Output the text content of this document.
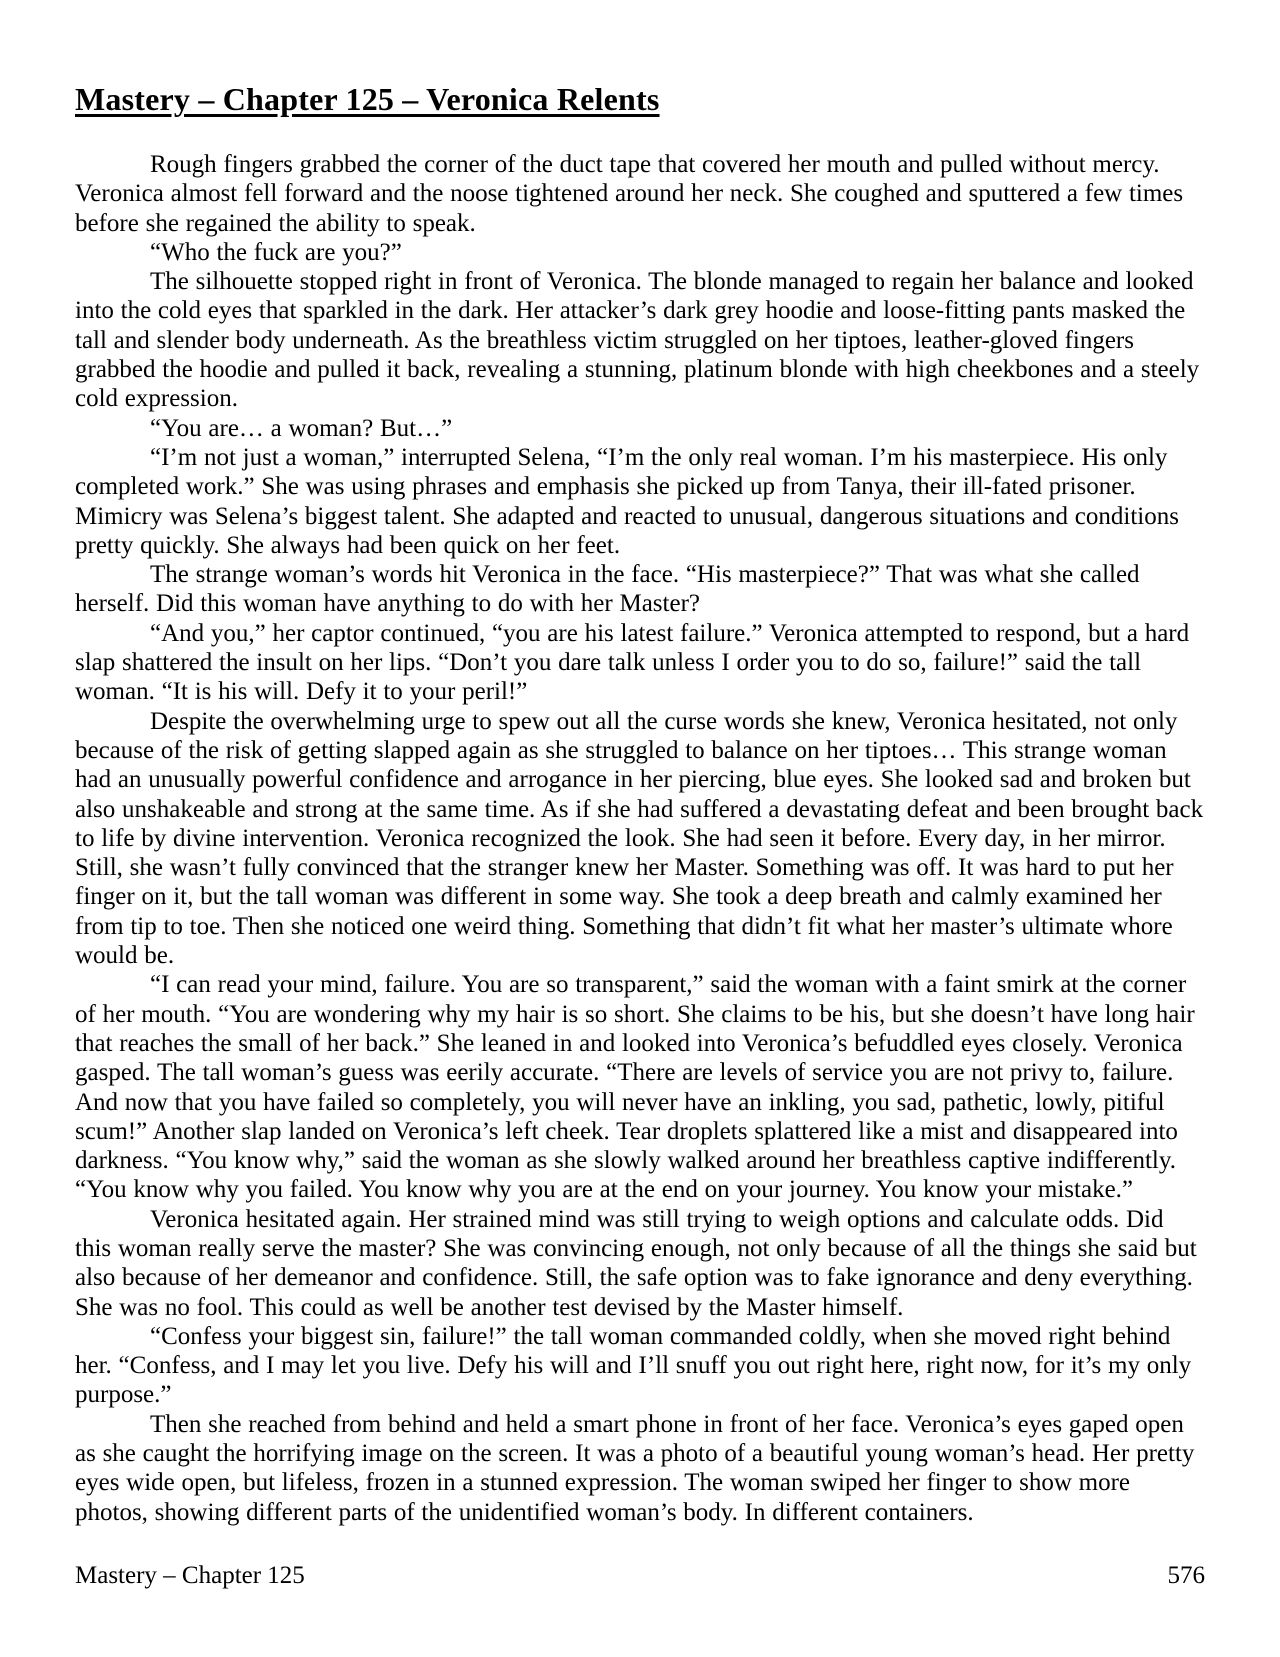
Mastery – Chapter 125 – Veronica Relents

Rough fingers grabbed the corner of the duct tape that covered her mouth and pulled without mercy. Veronica almost fell forward and the noose tightened around her neck. She coughed and sputtered a few times before she regained the ability to speak.

“Who the fuck are you?”

The silhouette stopped right in front of Veronica. The blonde managed to regain her balance and looked into the cold eyes that sparkled in the dark. Her attacker’s dark grey hoodie and loose-fitting pants masked the tall and slender body underneath. As the breathless victim struggled on her tiptoes, leather-gloved fingers grabbed the hoodie and pulled it back, revealing a stunning, platinum blonde with high cheekbones and a steely cold expression.

“You are… a woman? But…”

“I’m not just a woman,” interrupted Selena, “I’m the only real woman. I’m his masterpiece. His only completed work.” She was using phrases and emphasis she picked up from Tanya, their ill-fated prisoner. Mimicry was Selena’s biggest talent. She adapted and reacted to unusual, dangerous situations and conditions pretty quickly. She always had been quick on her feet.

The strange woman’s words hit Veronica in the face. “His masterpiece?” That was what she called herself. Did this woman have anything to do with her Master?

“And you,” her captor continued, “you are his latest failure.” Veronica attempted to respond, but a hard slap shattered the insult on her lips. “Don’t you dare talk unless I order you to do so, failure!” said the tall woman. “It is his will. Defy it to your peril!”

Despite the overwhelming urge to spew out all the curse words she knew, Veronica hesitated, not only because of the risk of getting slapped again as she struggled to balance on her tiptoes… This strange woman had an unusually powerful confidence and arrogance in her piercing, blue eyes. She looked sad and broken but also unshakeable and strong at the same time. As if she had suffered a devastating defeat and been brought back to life by divine intervention. Veronica recognized the look. She had seen it before. Every day, in her mirror. Still, she wasn’t fully convinced that the stranger knew her Master. Something was off. It was hard to put her finger on it, but the tall woman was different in some way. She took a deep breath and calmly examined her from tip to toe. Then she noticed one weird thing. Something that didn’t fit what her master’s ultimate whore would be.

“I can read your mind, failure. You are so transparent,” said the woman with a faint smirk at the corner of her mouth. “You are wondering why my hair is so short. She claims to be his, but she doesn’t have long hair that reaches the small of her back.” She leaned in and looked into Veronica’s befuddled eyes closely. Veronica gasped. The tall woman’s guess was eerily accurate. “There are levels of service you are not privy to, failure. And now that you have failed so completely, you will never have an inkling, you sad, pathetic, lowly, pitiful scum!” Another slap landed on Veronica’s left cheek. Tear droplets splattered like a mist and disappeared into darkness. “You know why,” said the woman as she slowly walked around her breathless captive indifferently. “You know why you failed. You know why you are at the end on your journey. You know your mistake.”

Veronica hesitated again. Her strained mind was still trying to weigh options and calculate odds. Did this woman really serve the master? She was convincing enough, not only because of all the things she said but also because of her demeanor and confidence. Still, the safe option was to fake ignorance and deny everything. She was no fool. This could as well be another test devised by the Master himself.

“Confess your biggest sin, failure!” the tall woman commanded coldly, when she moved right behind her. “Confess, and I may let you live. Defy his will and I’ll snuff you out right here, right now, for it’s my only purpose.”

Then she reached from behind and held a smart phone in front of her face. Veronica’s eyes gaped open as she caught the horrifying image on the screen. It was a photo of a beautiful young woman’s head. Her pretty eyes wide open, but lifeless, frozen in a stunned expression. The woman swiped her finger to show more photos, showing different parts of the unidentified woman’s body. In different containers.

Mastery – Chapter 125	576
